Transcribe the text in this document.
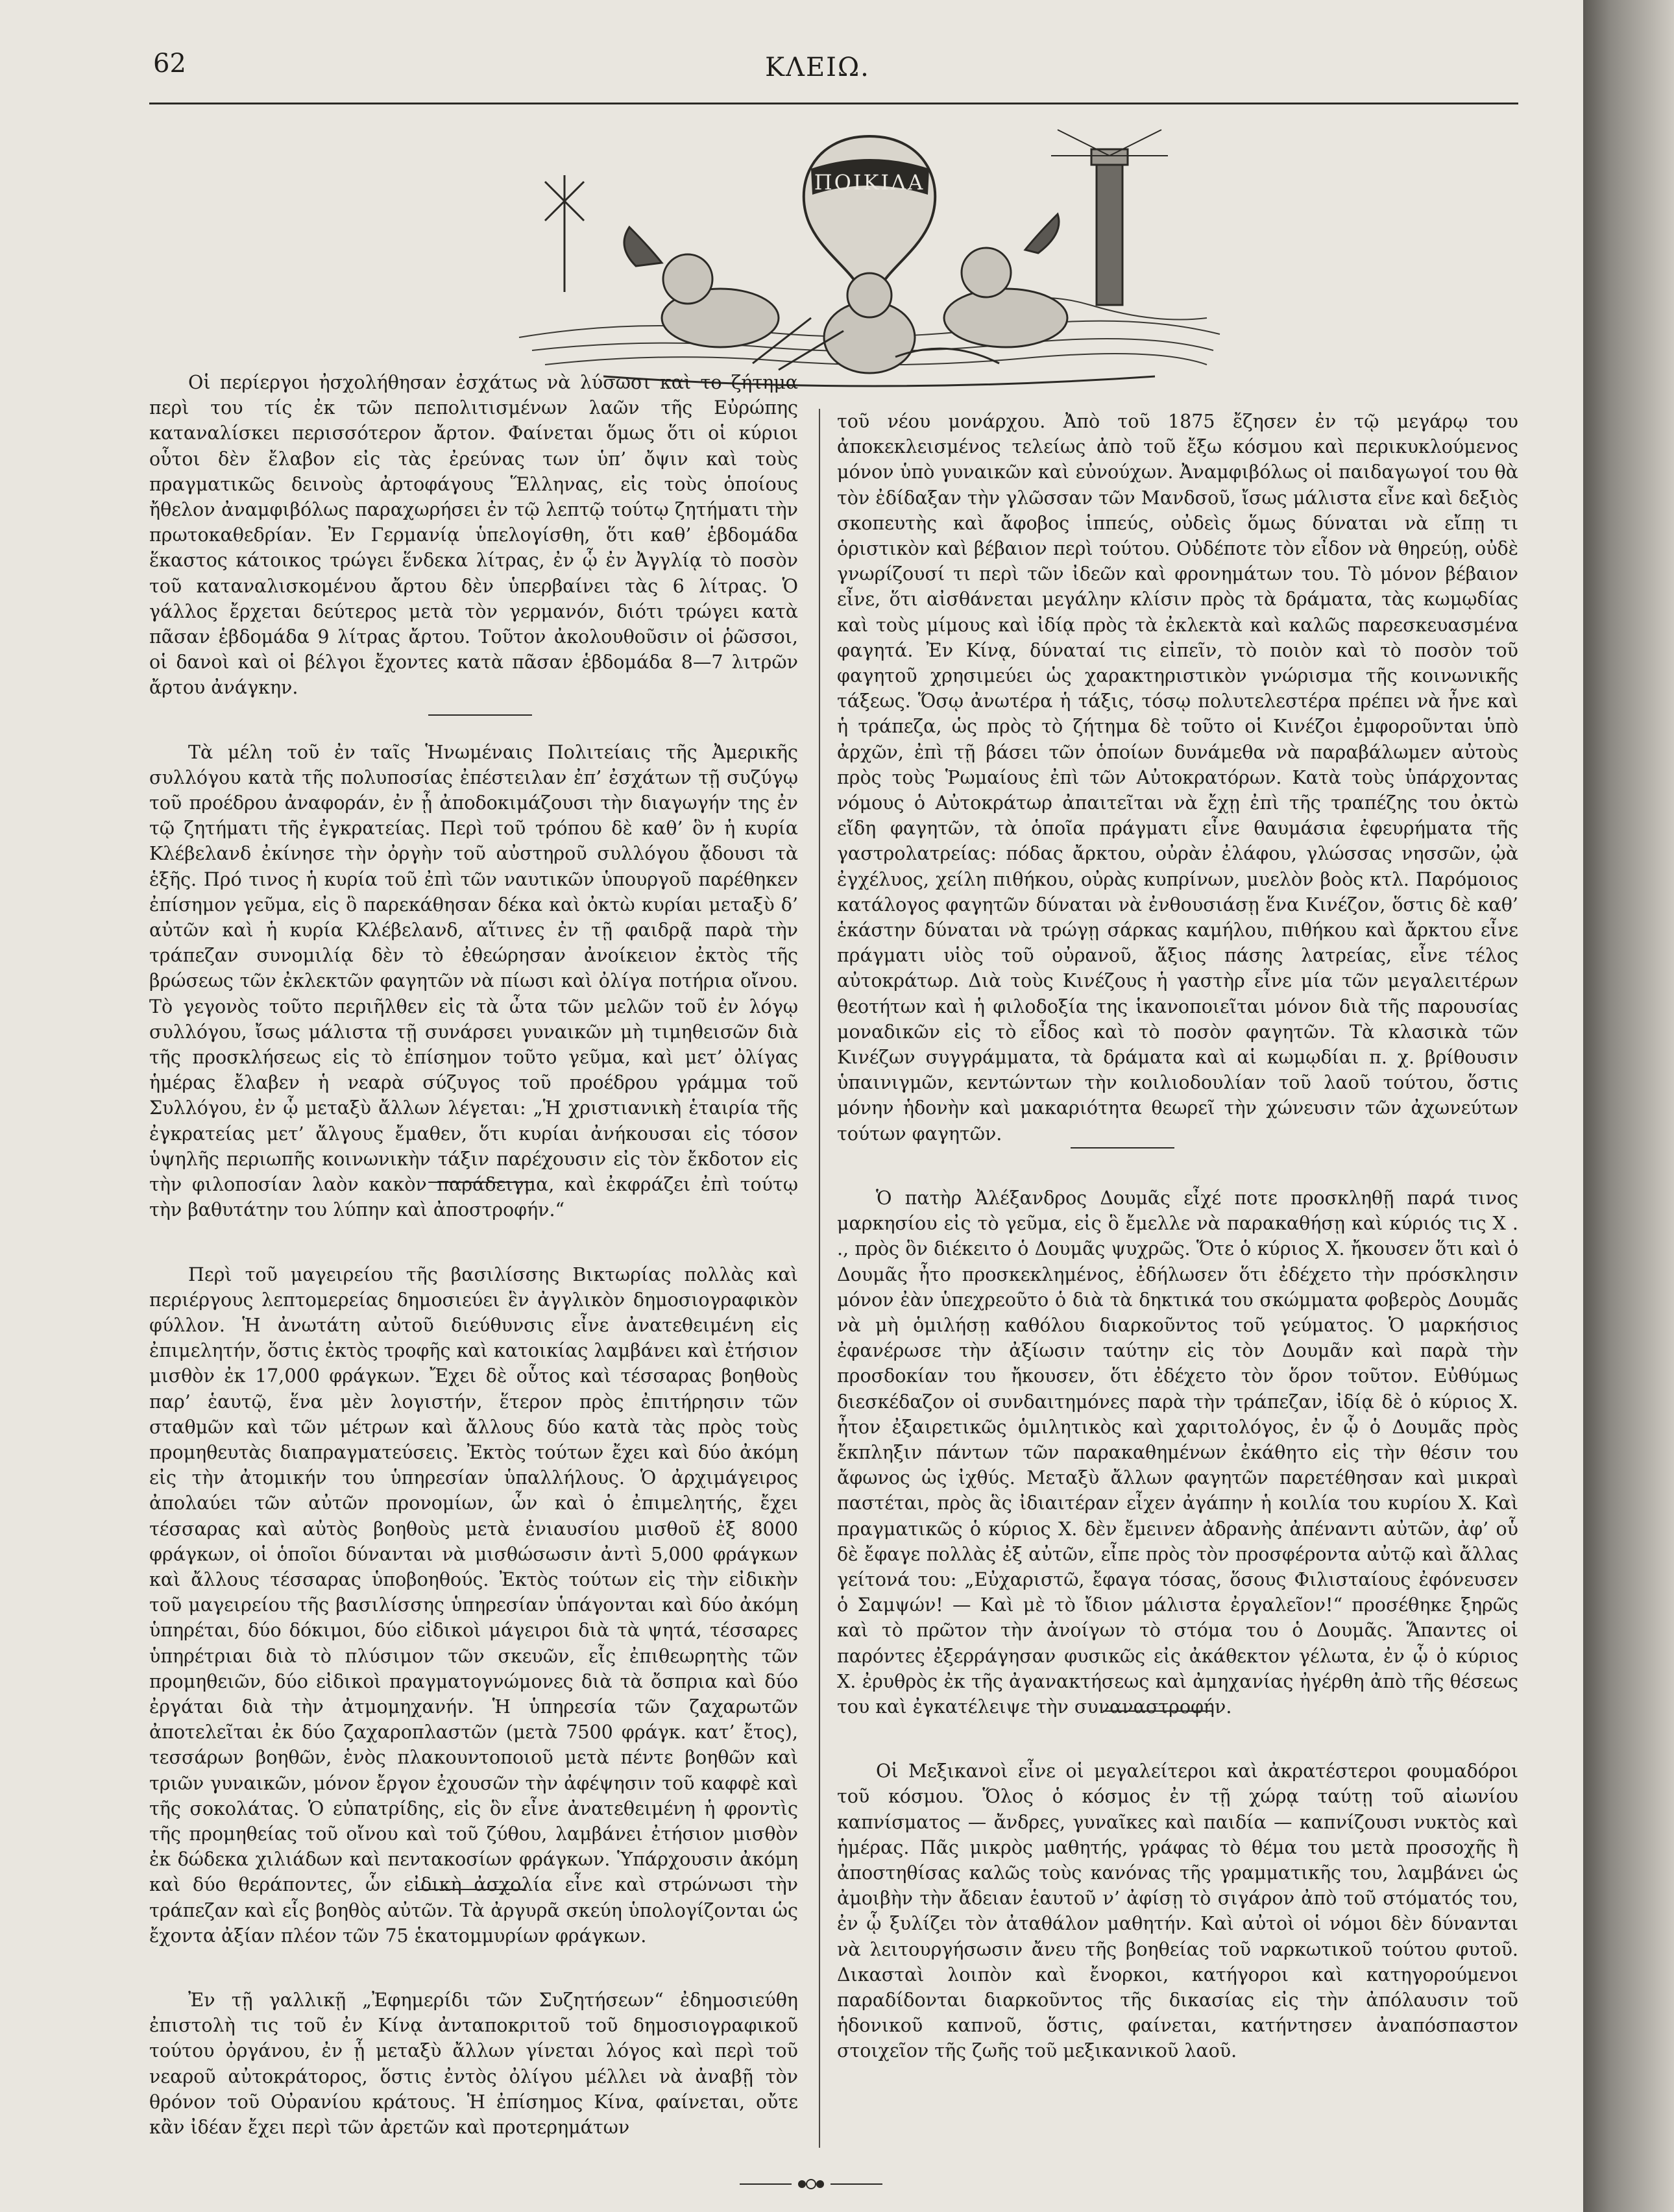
62	ΚΛΕΙΩ.
ΠΟΙΚΙΛΑ

Οἱ περίεργοι ἠσχολήθησαν ἐσχάτως νὰ λύσωσι καὶ το ζήτημα περὶ του τίς ἐκ τῶν πεπολιτισμένων λαῶν τῆς Εὐρώπης καταναλίσκει περισσότερον ἄρτον. Φαίνεται ὅμως ὅτι οἱ κύριοι οὗτοι δὲν ἔλαβον εἰς τὰς ἐρεύνας των ὑπ’ ὄψιν καὶ τοὺς πραγματικῶς δεινοὺς ἀρτοφάγους Ἕλληνας, εἰς τοὺς ὁποίους ἤθελον ἀναμφιβόλως παραχωρήσει ἐν τῷ λεπτῷ τούτῳ ζητήματι τὴν πρωτοκαθεδρίαν. Ἐν Γερμανίᾳ ὑπελογίσθη, ὅτι καθ’ ἑβδομάδα ἕκαστος κάτοικος τρώγει ἕνδεκα λίτρας, ἐν ᾧ ἐν Ἀγγλίᾳ τὸ ποσὸν τοῦ καταναλισκομένου ἄρτου δὲν ὑπερβαίνει τὰς 6 λίτρας. Ὁ γάλλος ἔρχεται δεύτερος μετὰ τὸν γερμανόν, διότι τρώγει κατὰ πᾶσαν ἑβδομάδα 9 λίτρας ἄρτου. Τοῦτον ἀκολουθοῦσιν οἱ ῥῶσσοι, οἱ δανοὶ καὶ οἱ βέλγοι ἔχοντες κατὰ πᾶσαν ἑβδομάδα 8—7 λιτρῶν ἄρτου ἀνάγκην.

Τὰ μέλη τοῦ ἐν ταῖς Ἡνωμέναις Πολιτείαις τῆς Ἀμερικῆς συλλόγου κατὰ τῆς πολυποσίας ἐπέστειλαν ἐπ’ ἐσχάτων τῇ συζύγῳ τοῦ προέδρου ἀναφοράν, ἐν ᾗ ἀποδοκιμάζουσι τὴν διαγωγήν της ἐν τῷ ζητήματι τῆς ἐγκρατείας. Περὶ τοῦ τρόπου δὲ καθ’ ὃν ἡ κυρία Κλέβελανδ ἐκίνησε τὴν ὀργὴν τοῦ αὐστηροῦ συλλόγου ᾄδουσι τὰ ἑξῆς. Πρό τινος ἡ κυρία τοῦ ἐπὶ τῶν ναυτικῶν ὑπουργοῦ παρέθηκεν ἐπίσημον γεῦμα, εἰς ὃ παρεκάθησαν δέκα καὶ ὀκτὼ κυρίαι μεταξὺ δ’ αὐτῶν καὶ ἡ κυρία Κλέβελανδ, αἵτινες ἐν τῇ φαιδρᾷ παρὰ τὴν τράπεζαν συνομιλίᾳ δὲν τὸ ἐθεώρησαν ἀνοίκειον ἐκτὸς τῆς βρώσεως τῶν ἐκλεκτῶν φαγητῶν νὰ πίωσι καὶ ὀλίγα ποτήρια οἴνου. Τὸ γεγονὸς τοῦτο περιῆλθεν εἰς τὰ ὦτα τῶν μελῶν τοῦ ἐν λόγῳ συλλόγου, ἴσως μάλιστα τῇ συνάρσει γυναικῶν μὴ τιμηθεισῶν διὰ τῆς προσκλήσεως εἰς τὸ ἐπίσημον τοῦτο γεῦμα, καὶ μετ’ ὀλίγας ἡμέρας ἔλαβεν ἡ νεαρὰ σύζυγος τοῦ προέδρου γράμμα τοῦ Συλλόγου, ἐν ᾧ μεταξὺ ἄλλων λέγεται: „Ἡ χριστιανικὴ ἑταιρία τῆς ἐγκρατείας μετ’ ἄλγους ἔμαθεν, ὅτι κυρίαι ἀνήκουσαι εἰς τόσον ὑψηλῆς περιωπῆς κοινωνικὴν τάξιν παρέχουσιν εἰς τὸν ἔκδοτον εἰς τὴν φιλοποσίαν λαὸν κακὸν παράδειγμα, καὶ ἐκφράζει ἐπὶ τούτῳ τὴν βαθυτάτην του λύπην καὶ ἀποστροφήν.“

Περὶ τοῦ μαγειρείου τῆς βασιλίσσης Βικτωρίας πολλὰς καὶ περιέργους λεπτομερείας δημοσιεύει ἓν ἀγγλικὸν δημοσιογραφικὸν φύλλον. Ἡ ἀνωτάτη αὐτοῦ διεύθυνσις εἶνε ἀνατεθειμένη εἰς ἐπιμελητήν, ὅστις ἐκτὸς τροφῆς καὶ κατοικίας λαμβάνει καὶ ἐτήσιον μισθὸν ἐκ 17,000 φράγκων. Ἔχει δὲ οὗτος καὶ τέσσαρας βοηθοὺς παρ’ ἑαυτῷ, ἕνα μὲν λογιστήν, ἕτερον πρὸς ἐπιτήρησιν τῶν σταθμῶν καὶ τῶν μέτρων καὶ ἄλλους δύο κατὰ τὰς πρὸς τοὺς προμηθευτὰς διαπραγματεύσεις. Ἐκτὸς τούτων ἔχει καὶ δύο ἀκόμη εἰς τὴν ἀτομικήν του ὑπηρεσίαν ὑπαλλήλους. Ὁ ἀρχιμάγειρος ἀπολαύει τῶν αὐτῶν προνομίων, ὧν καὶ ὁ ἐπιμελητής, ἔχει τέσσαρας καὶ αὐτὸς βοηθοὺς μετὰ ἐνιαυσίου μισθοῦ ἐξ 8000 φράγκων, οἱ ὁποῖοι δύνανται νὰ μισθώσωσιν ἀντὶ 5,000 φράγκων καὶ ἄλλους τέσσαρας ὑποβοηθούς. Ἐκτὸς τούτων εἰς τὴν εἰδικὴν τοῦ μαγειρείου τῆς βασιλίσσης ὑπηρεσίαν ὑπάγονται καὶ δύο ἀκόμη ὑπηρέται, δύο δόκιμοι, δύο εἰδικοὶ μάγειροι διὰ τὰ ψητά, τέσσαρες ὑπηρέτριαι διὰ τὸ πλύσιμον τῶν σκευῶν, εἷς ἐπιθεωρητὴς τῶν προμηθειῶν, δύο εἰδικοὶ πραγματογνώμονες διὰ τὰ ὄσπρια καὶ δύο ἐργάται διὰ τὴν ἀτμομηχανήν. Ἡ ὑπηρεσία τῶν ζαχαρωτῶν ἀποτελεῖται ἐκ δύο ζαχαροπλαστῶν (μετὰ 7500 φράγκ. κατ’ ἔτος), τεσσάρων βοηθῶν, ἑνὸς πλακουντοποιοῦ μετὰ πέντε βοηθῶν καὶ τριῶν γυναικῶν, μόνον ἔργον ἐχουσῶν τὴν ἀφέψησιν τοῦ καφφὲ καὶ τῆς σοκολάτας. Ὁ εὐπατρίδης, εἰς ὃν εἶνε ἀνατεθειμένη ἡ φροντὶς τῆς προμηθείας τοῦ οἴνου καὶ τοῦ ζύθου, λαμβάνει ἐτήσιον μισθὸν ἐκ δώδεκα χιλιάδων καὶ πεντακοσίων φράγκων. Ὑπάρχουσιν ἀκόμη καὶ δύο θεράποντες, ὧν εἰδικὴ ἀσχολία εἶνε καὶ στρώνωσι τὴν τράπεζαν καὶ εἷς βοηθὸς αὐτῶν. Τὰ ἀργυρᾶ σκεύη ὑπολογίζονται ὡς ἔχοντα ἀξίαν πλέον τῶν 75 ἑκατομμυρίων φράγκων.

Ἐν τῇ γαλλικῇ „Ἐφημερίδι τῶν Συζητήσεων“ ἐδημοσιεύθη ἐπιστολὴ τις τοῦ ἐν Κίνᾳ ἀνταποκριτοῦ τοῦ δημοσιογραφικοῦ τούτου ὀργάνου, ἐν ᾗ μεταξὺ ἄλλων γίνεται λόγος καὶ περὶ τοῦ νεαροῦ αὐτοκράτορος, ὅστις ἐντὸς ὀλίγου μέλλει νὰ ἀναβῇ τὸν θρόνον τοῦ Οὐρανίου κράτους. Ἡ ἐπίσημος Κίνα, φαίνεται, οὔτε κἂν ἰδέαν ἔχει περὶ τῶν ἀρετῶν καὶ προτερημάτων

τοῦ νέου μονάρχου. Ἀπὸ τοῦ 1875 ἔζησεν ἐν τῷ μεγάρῳ του ἀποκεκλεισμένος τελείως ἀπὸ τοῦ ἔξω κόσμου καὶ περικυκλούμενος μόνον ὑπὸ γυναικῶν καὶ εὐνούχων. Ἀναμφιβόλως οἱ παιδαγωγοί του θὰ τὸν ἐδίδαξαν τὴν γλῶσσαν τῶν Μανδσοῦ, ἴσως μάλιστα εἶνε καὶ δεξιὸς σκοπευτὴς καὶ ἄφοβος ἱππεύς, οὐδεὶς ὅμως δύναται νὰ εἴπῃ τι ὁριστικὸν καὶ βέβαιον περὶ τούτου. Οὐδέποτε τὸν εἶδον νὰ θηρεύῃ, οὐδὲ γνωρίζουσί τι περὶ τῶν ἰδεῶν καὶ φρονημάτων του. Τὸ μόνον βέβαιον εἶνε, ὅτι αἰσθάνεται μεγάλην κλίσιν πρὸς τὰ δράματα, τὰς κωμῳδίας καὶ τοὺς μίμους καὶ ἰδίᾳ πρὸς τὰ ἐκλεκτὰ καὶ καλῶς παρεσκευασμένα φαγητά. Ἐν Κίνᾳ, δύναταί τις εἰπεῖν, τὸ ποιὸν καὶ τὸ ποσὸν τοῦ φαγητοῦ χρησιμεύει ὡς χαρακτηριστικὸν γνώρισμα τῆς κοινωνικῆς τάξεως. Ὅσῳ ἀνωτέρα ἡ τάξις, τόσῳ πολυτελεστέρα πρέπει νὰ ἦνε καὶ ἡ τράπεζα, ὡς πρὸς τὸ ζήτημα δὲ τοῦτο οἱ Κινέζοι ἐμφοροῦνται ὑπὸ ἀρχῶν, ἐπὶ τῇ βάσει τῶν ὁποίων δυνάμεθα νὰ παραβάλωμεν αὐτοὺς πρὸς τοὺς Ῥωμαίους ἐπὶ τῶν Αὐτοκρατόρων. Κατὰ τοὺς ὑπάρχοντας νόμους ὁ Αὐτοκράτωρ ἀπαιτεῖται νὰ ἔχῃ ἐπὶ τῆς τραπέζης του ὀκτὼ εἴδη φαγητῶν, τὰ ὁποῖα πράγματι εἶνε θαυμάσια ἐφευρήματα τῆς γαστρολατρείας: πόδας ἄρκτου, οὐρὰν ἐλάφου, γλώσσας νησσῶν, ᾠὰ ἐγχέλυος, χείλη πιθήκου, οὐρὰς κυπρίνων, μυελὸν βοὸς κτλ. Παρόμοιος κατάλογος φαγητῶν δύναται νὰ ἐνθουσιάσῃ ἕνα Κινέζον, ὅστις δὲ καθ’ ἑκάστην δύναται νὰ τρώγῃ σάρκας καμήλου, πιθήκου καὶ ἄρκτου εἶνε πράγματι υἱὸς τοῦ οὐρανοῦ, ἄξιος πάσης λατρείας, εἶνε τέλος αὐτοκράτωρ. Διὰ τοὺς Κινέζους ἡ γαστὴρ εἶνε μία τῶν μεγαλειτέρων θεοτήτων καὶ ἡ φιλοδοξία της ἱκανοποιεῖται μόνον διὰ τῆς παρουσίας μοναδικῶν εἰς τὸ εἶδος καὶ τὸ ποσὸν φαγητῶν. Τὰ κλασικὰ τῶν Κινέζων συγγράμματα, τὰ δράματα καὶ αἱ κωμῳδίαι π. χ. βρίθουσιν ὑπαινιγμῶν, κεντώντων τὴν κοιλιοδουλίαν τοῦ λαοῦ τούτου, ὅστις μόνην ἡδονὴν καὶ μακαριότητα θεωρεῖ τὴν χώνευσιν τῶν ἀχωνεύτων τούτων φαγητῶν.

Ὁ πατὴρ Ἀλέξανδρος Δουμᾶς εἶχέ ποτε προσκληθῇ παρά τινος μαρκησίου εἰς τὸ γεῦμα, εἰς ὃ ἔμελλε νὰ παρακαθήσῃ καὶ κύριός τις Χ . ., πρὸς ὃν διέκειτο ὁ Δουμᾶς ψυχρῶς. Ὅτε ὁ κύριος Χ. ἤκουσεν ὅτι καὶ ὁ Δουμᾶς ἦτο προσκεκλημένος, ἐδήλωσεν ὅτι ἐδέχετο τὴν πρόσκλησιν μόνον ἐὰν ὑπεχρεοῦτο ὁ διὰ τὰ δηκτικά του σκώμματα φοβερὸς Δουμᾶς νὰ μὴ ὁμιλήσῃ καθόλου διαρκοῦντος τοῦ γεύματος. Ὁ μαρκήσιος ἐφανέρωσε τὴν ἀξίωσιν ταύτην εἰς τὸν Δουμᾶν καὶ παρὰ τὴν προσδοκίαν του ἤκουσεν, ὅτι ἐδέχετο τὸν ὅρον τοῦτον. Εὐθύμως διεσκέδαζον οἱ συνδαιτημόνες παρὰ τὴν τράπεζαν, ἰδίᾳ δὲ ὁ κύριος Χ. ἦτον ἐξαιρετικῶς ὁμιλητικὸς καὶ χαριτολόγος, ἐν ᾧ ὁ Δουμᾶς πρὸς ἔκπληξιν πάντων τῶν παρακαθημένων ἐκάθητο εἰς τὴν θέσιν του ἄφωνος ὡς ἰχθύς. Μεταξὺ ἄλλων φαγητῶν παρετέθησαν καὶ μικραὶ παστέται, πρὸς ἃς ἰδιαιτέραν εἶχεν ἀγάπην ἡ κοιλία του κυρίου Χ. Καὶ πραγματικῶς ὁ κύριος Χ. δὲν ἔμεινεν ἀδρανὴς ἀπέναντι αὐτῶν, ἀφ’ οὗ δὲ ἔφαγε πολλὰς ἐξ αὐτῶν, εἶπε πρὸς τὸν προσφέροντα αὐτῷ καὶ ἄλλας γείτονά του: „Εὐχαριστῶ, ἔφαγα τόσας, ὅσους Φιλισταίους ἐφόνευσεν ὁ Σαμψών! — Καὶ μὲ τὸ ἴδιον μάλιστα ἐργαλεῖον!“ προσέθηκε ξηρῶς καὶ τὸ πρῶτον τὴν ἀνοίγων τὸ στόμα του ὁ Δουμᾶς. Ἅπαντες οἱ παρόντες ἐξερράγησαν φυσικῶς εἰς ἀκάθεκτον γέλωτα, ἐν ᾧ ὁ κύριος Χ. ἐρυθρὸς ἐκ τῆς ἀγανακτήσεως καὶ ἀμηχανίας ἠγέρθη ἀπὸ τῆς θέσεως του καὶ ἐγκατέλειψε τὴν συναναστροφήν.

Οἱ Μεξικανοὶ εἶνε οἱ μεγαλείτεροι καὶ ἀκρατέστεροι φουμαδόροι τοῦ κόσμου. Ὅλος ὁ κόσμος ἐν τῇ χώρᾳ ταύτῃ τοῦ αἰωνίου καπνίσματος — ἄνδρες, γυναῖκες καὶ παιδία — καπνίζουσι νυκτὸς καὶ ἡμέρας. Πᾶς μικρὸς μαθητής, γράφας τὸ θέμα του μετὰ προσοχῆς ἢ ἀποστηθίσας καλῶς τοὺς κανόνας τῆς γραμματικῆς του, λαμβάνει ὡς ἀμοιβὴν τὴν ἄδειαν ἑαυτοῦ ν’ ἀφίσῃ τὸ σιγάρον ἀπὸ τοῦ στόματός του, ἐν ᾧ ξυλίζει τὸν ἀταθάλον μαθητήν. Καὶ αὐτοὶ οἱ νόμοι δὲν δύνανται νὰ λειτουργήσωσιν ἄνευ τῆς βοηθείας τοῦ ναρκωτικοῦ τούτου φυτοῦ. Δικασταὶ λοιπὸν καὶ ἔνορκοι, κατήγοροι καὶ κατηγορούμενοι παραδίδονται διαρκοῦντος τῆς δικασίας εἰς τὴν ἀπόλαυσιν τοῦ ἡδονικοῦ καπνοῦ, ὅστις, φαίνεται, κατήντησεν ἀναπόσπαστον στοιχεῖον τῆς ζωῆς τοῦ μεξικανικοῦ λαοῦ.
